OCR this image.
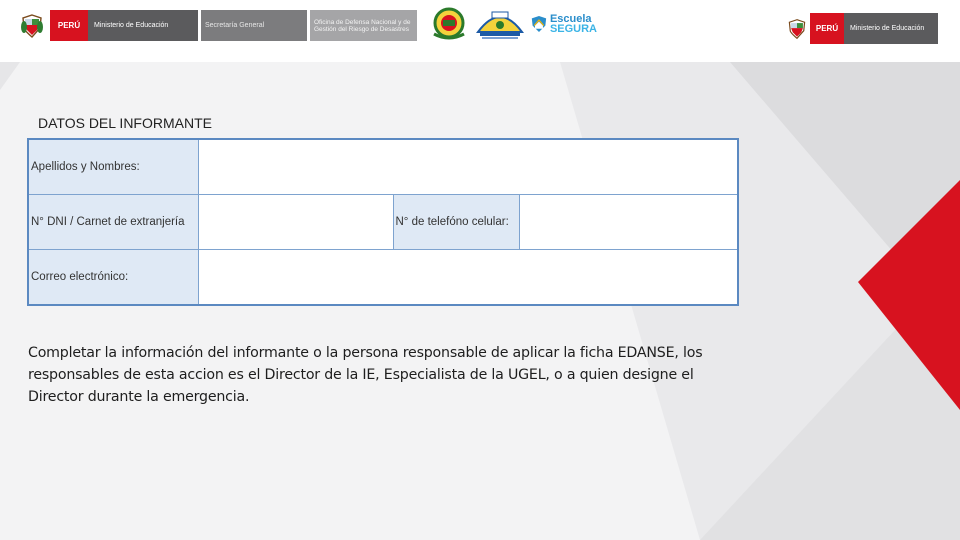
PERÚ	Ministerio de Educación	Secretaría General	Oficina de Defensa Nacional y de Gestión del Riesgo de Desastres
Escuela
SEGURA	PERÚ	Ministerio de Educación
DATOS DEL INFORMANTE
Apellidos y Nombres:			
N° DNI / Carnet de extranjería		N° de telefóno celular:	
Correo electrónico:			
Completar la información del informante o la persona responsable de aplicar la ficha EDANSE, los responsables de esta accion es el Director de la IE, Especialista de la UGEL, o a quien designe el Director durante la emergencia.
